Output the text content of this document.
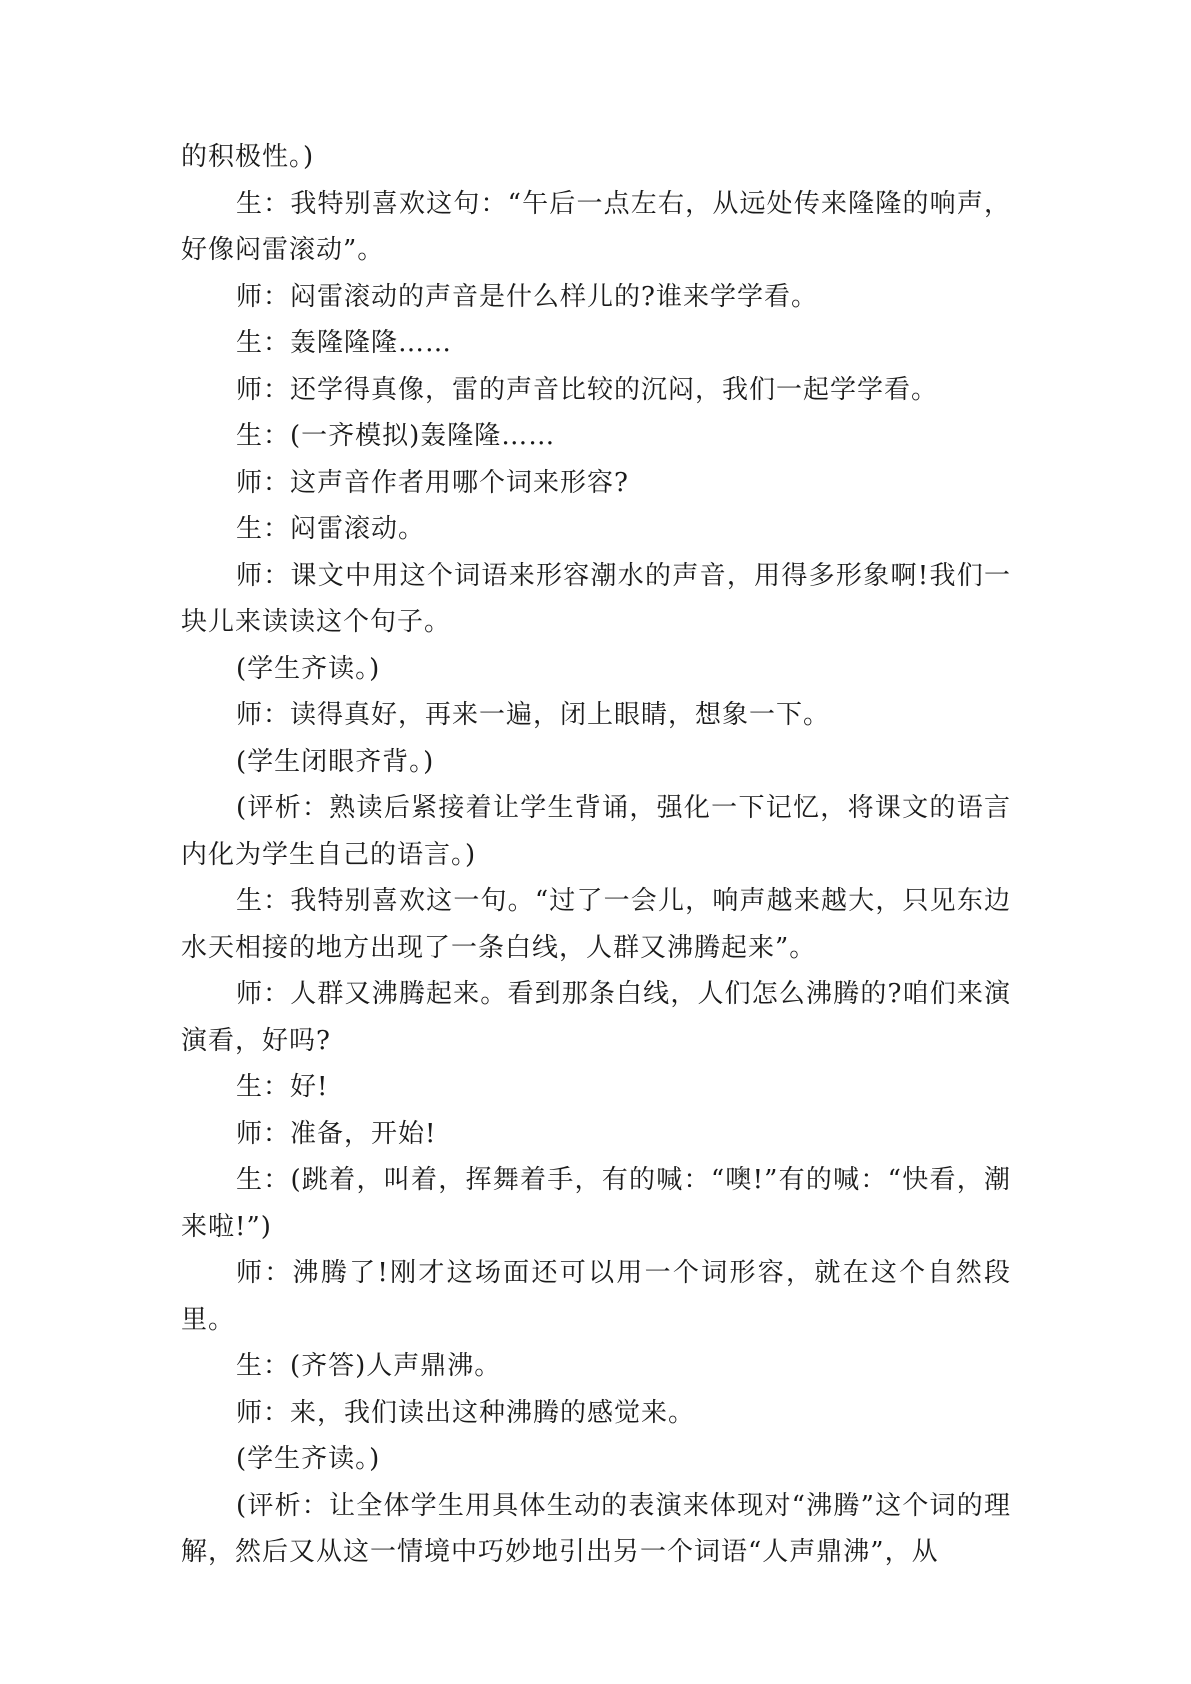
的积极性。)

生：我特别喜欢这句：“午后一点左右，从远处传来隆隆的响声，好像闷雷滚动”。

师：闷雷滚动的声音是什么样儿的?谁来学学看。

生：轰隆隆隆……

师：还学得真像，雷的声音比较的沉闷，我们一起学学看。

生：(一齐模拟)轰隆隆……

师：这声音作者用哪个词来形容?

生：闷雷滚动。

师：课文中用这个词语来形容潮水的声音，用得多形象啊!我们一块儿来读读这个句子。

(学生齐读。)

师：读得真好，再来一遍，闭上眼睛，想象一下。

(学生闭眼齐背。)

(评析：熟读后紧接着让学生背诵，强化一下记忆，将课文的语言内化为学生自己的语言。)

生：我特别喜欢这一句。“过了一会儿，响声越来越大，只见东边水天相接的地方出现了一条白线，人群又沸腾起来”。

师：人群又沸腾起来。看到那条白线，人们怎么沸腾的?咱们来演演看，好吗?

生：好!

师：准备，开始!

生：(跳着，叫着，挥舞着手，有的喊：“噢!”有的喊：“快看，潮来啦!”)

师：沸腾了!刚才这场面还可以用一个词形容，就在这个自然段里。

生：(齐答)人声鼎沸。

师：来，我们读出这种沸腾的感觉来。

(学生齐读。)

(评析：让全体学生用具体生动的表演来体现对“沸腾”这个词的理解，然后又从这一情境中巧妙地引出另一个词语“人声鼎沸”，从
